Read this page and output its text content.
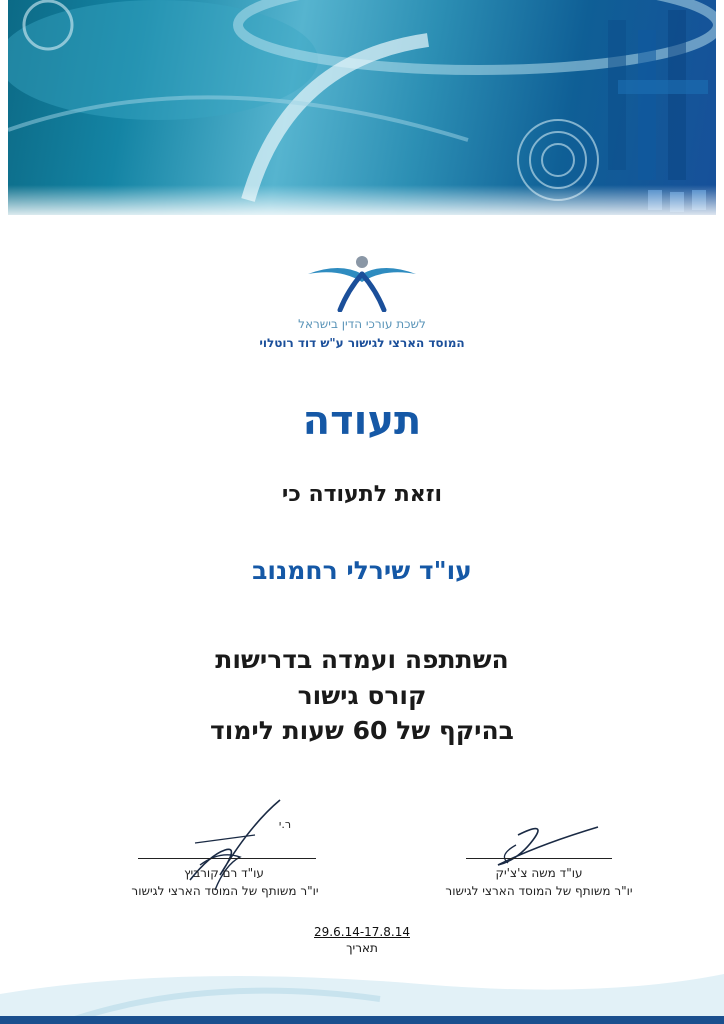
לשכת עורכי הדין בישראל
המוסד הארצי לגישור ע"ש דוד רוטלוי
תעודה
וזאת לתעודה כי
עו"ד שירלי רחמנוב
השתתפה ועמדה בדרישות
קורס גישור
בהיקף של 60 שעות לימוד
ר.י
עו"ד רם קורביץ
יו"ר משותף של המוסד הארצי לגישור
עו"ד משה צ'צ'יק
יו"ר משותף של המוסד הארצי לגישור
29.6.14-17.8.14
תאריך
